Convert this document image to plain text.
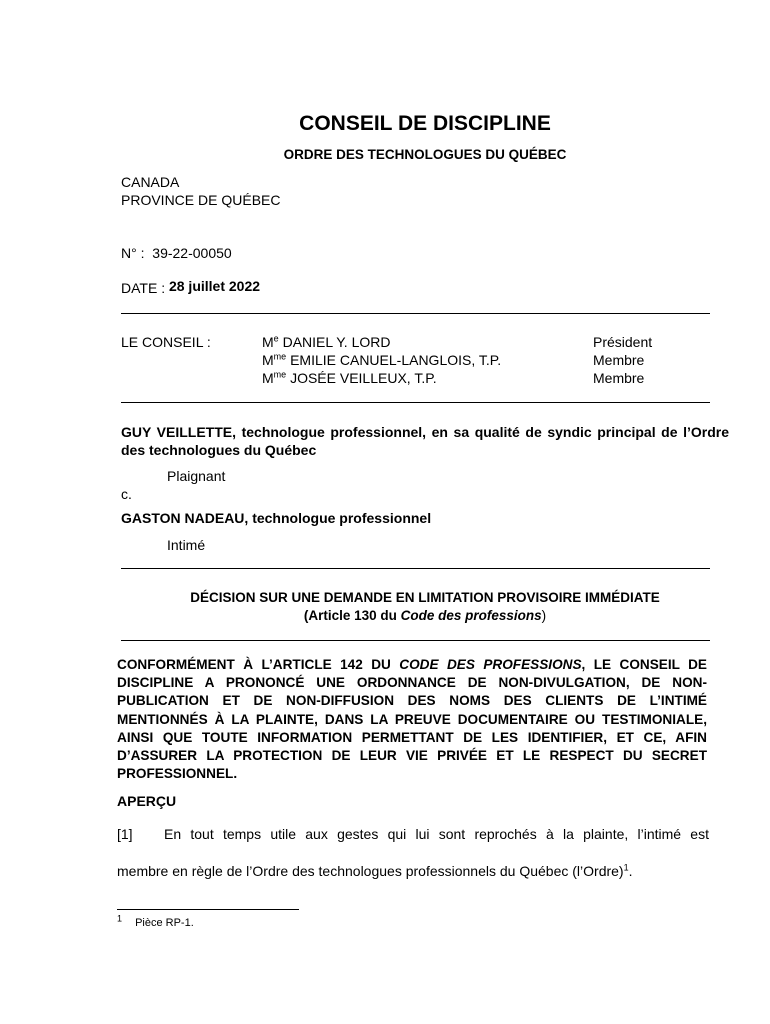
CONSEIL DE DISCIPLINE
ORDRE DES TECHNOLOGUES DU QUÉBEC
CANADA
PROVINCE DE QUÉBEC
N° : 39-22-00050
DATE : 28 juillet 2022
LE CONSEIL :	Me DANIEL Y. LORD	Président
$M^{me}$ EMILIE CANUEL-LANGLOIS, T.P.	Membre
$M^{me}$ JOSÉE VEILLEUX, T.P.	Membre
GUY VEILLETTE, technologue professionnel, en sa qualité de syndic principal de l’Ordre des technologues du Québec
Plaignant
c.
GASTON NADEAU, technologue professionnel
Intimé
DÉCISION SUR UNE DEMANDE EN LIMITATION PROVISOIRE IMMÉDIATE
(Article 130 du Code des professions)
CONFORMÉMENT À L’ARTICLE 142 DU CODE DES PROFESSIONS, LE CONSEIL DE DISCIPLINE A PRONONCÉ UNE ORDONNANCE DE NON-DIVULGATION, DE NON-PUBLICATION ET DE NON-DIFFUSION DES NOMS DES CLIENTS DE L’INTIMÉ MENTIONNÉS À LA PLAINTE, DANS LA PREUVE DOCUMENTAIRE OU TESTIMONIALE, AINSI QUE TOUTE INFORMATION PERMETTANT DE LES IDENTIFIER, ET CE, AFIN D’ASSURER LA PROTECTION DE LEUR VIE PRIVÉE ET LE RESPECT DU SECRET PROFESSIONNEL.
APERÇU
[1] En tout temps utile aux gestes qui lui sont reprochés à la plainte, l’intimé est
membre en règle de l’Ordre des technologues professionnels du Québec (l’Ordre)$^1$.
$^1$ Pièce RP-1.
